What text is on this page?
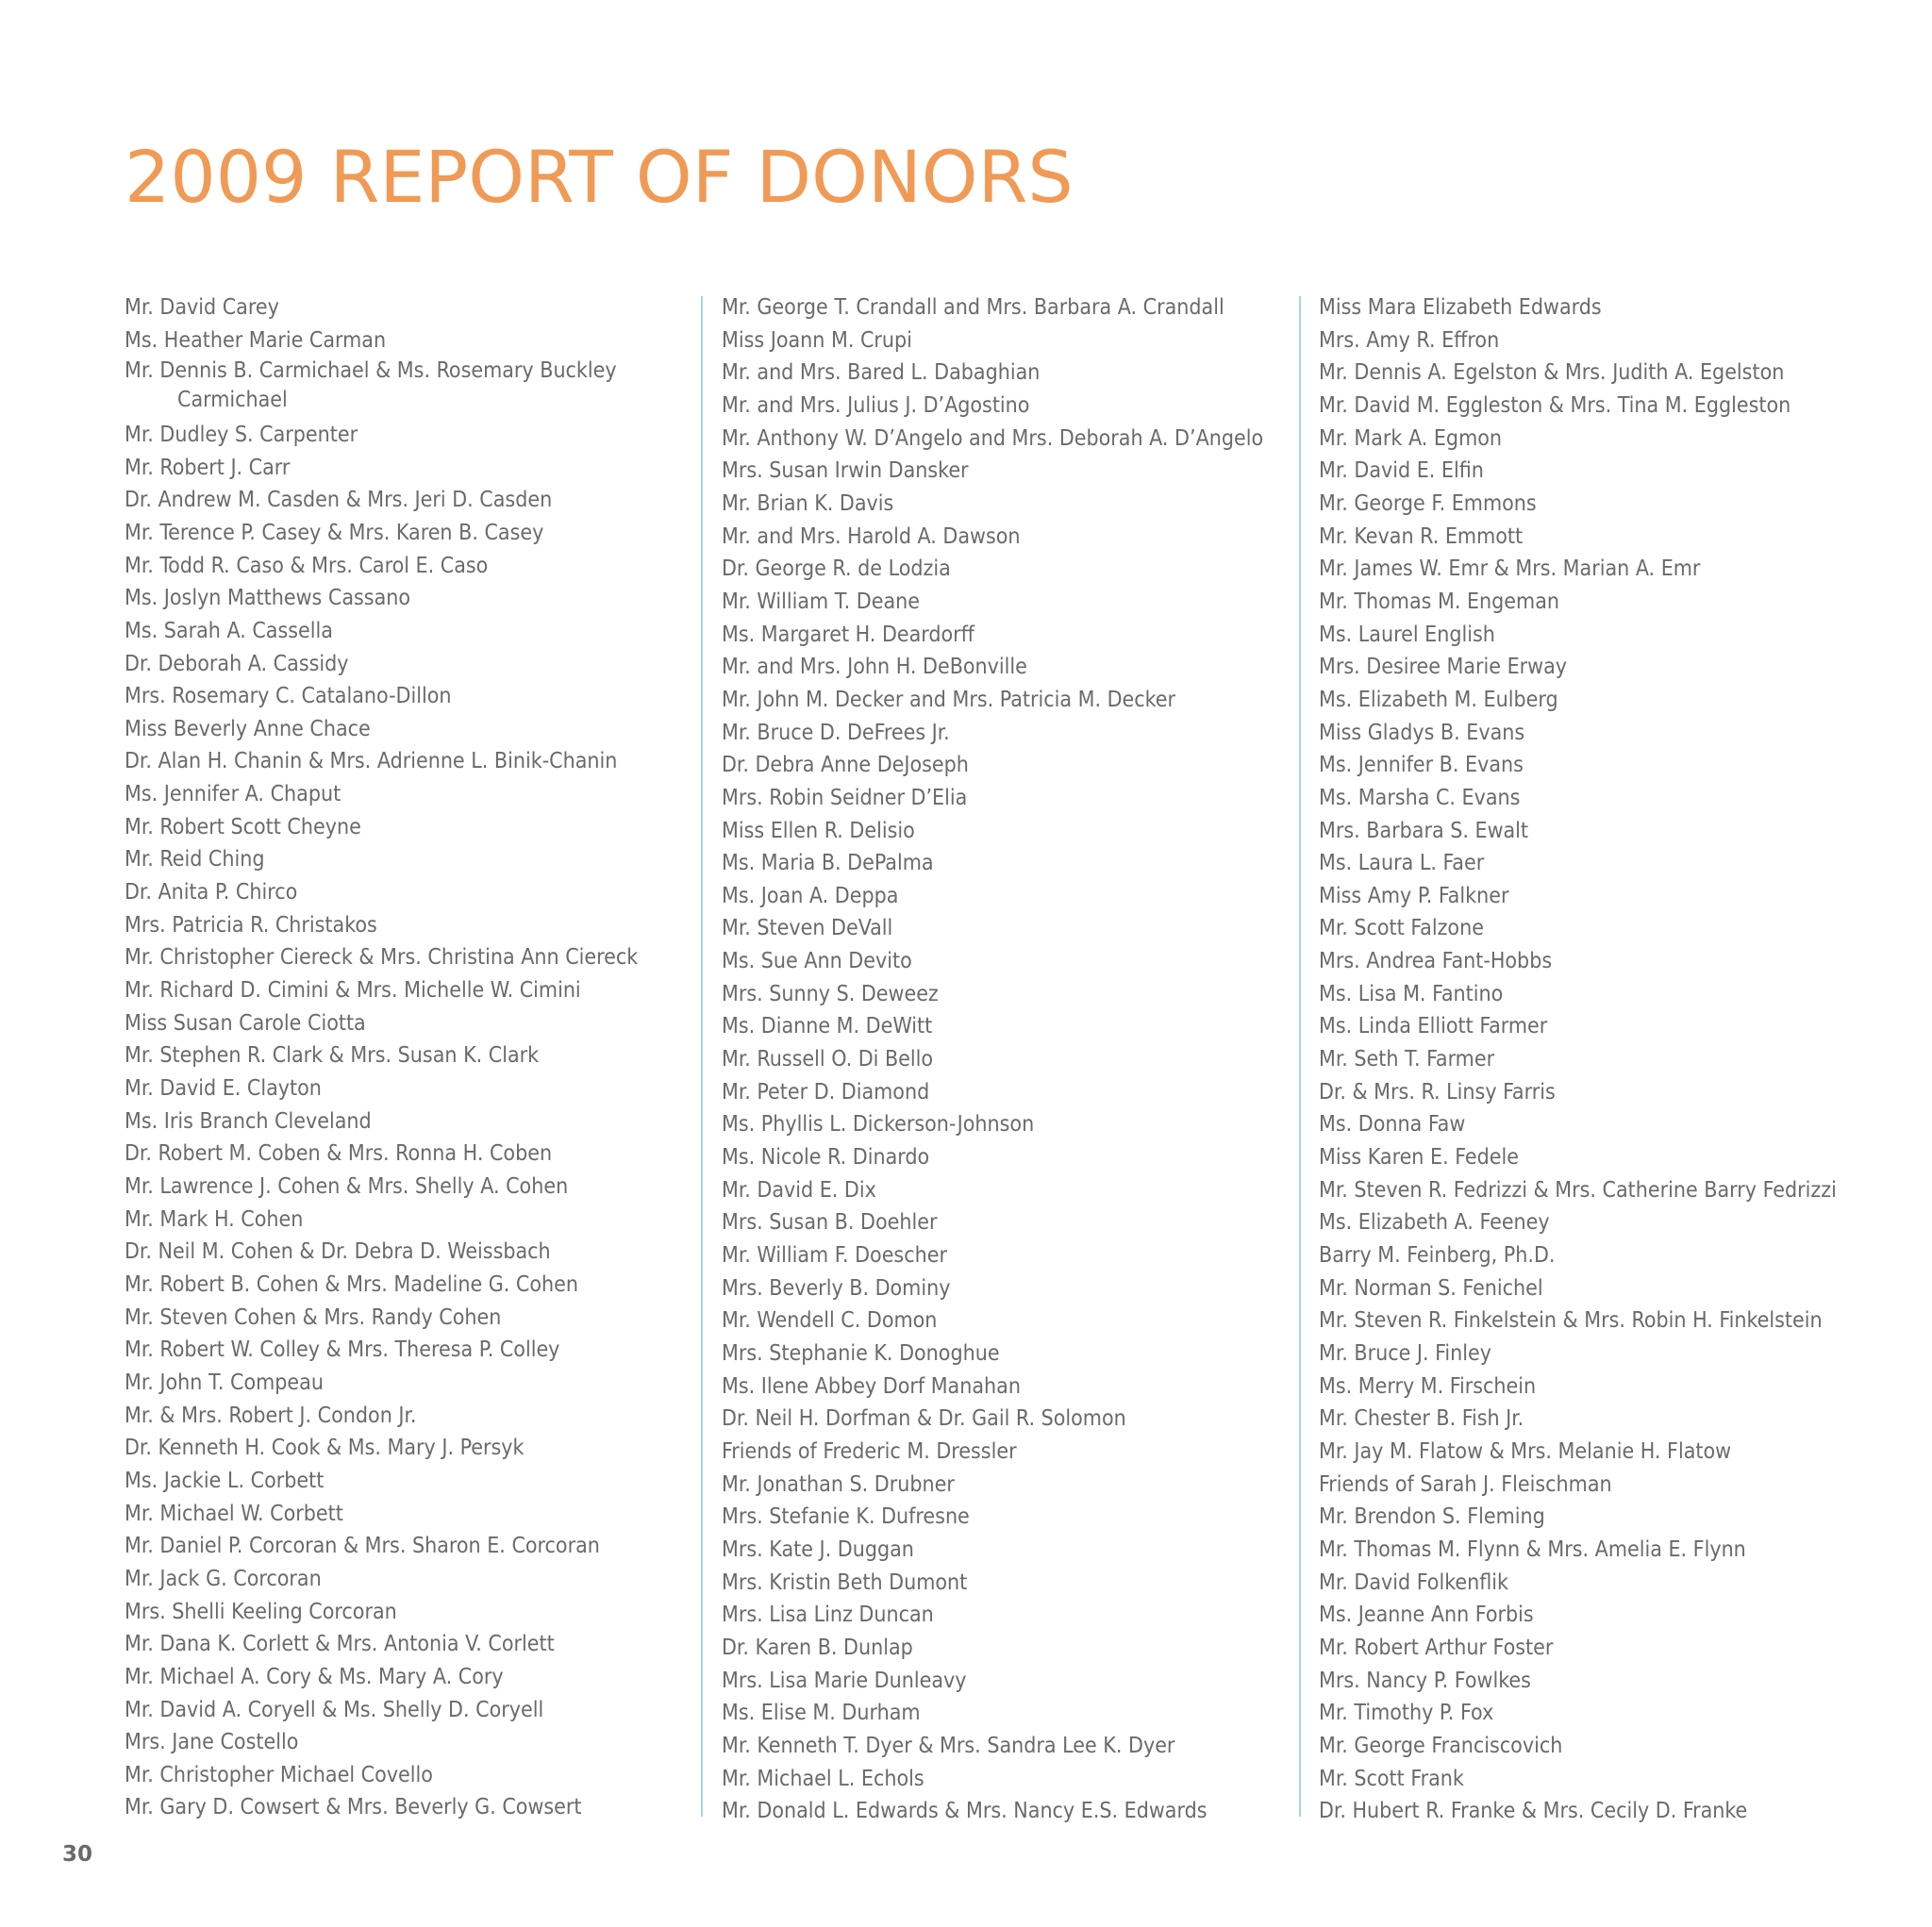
2009 REPORT OF DONORS
Mr. David Carey
Ms. Heather Marie Carman
Mr. Dennis B. Carmichael & Ms. Rosemary Buckley Carmichael
Mr. Dudley S. Carpenter
Mr. Robert J. Carr
Dr. Andrew M. Casden & Mrs. Jeri D. Casden
Mr. Terence P. Casey & Mrs. Karen B. Casey
Mr. Todd R. Caso & Mrs. Carol E. Caso
Ms. Joslyn Matthews Cassano
Ms. Sarah A. Cassella
Dr. Deborah A. Cassidy
Mrs. Rosemary C. Catalano-Dillon
Miss Beverly Anne Chace
Dr. Alan H. Chanin & Mrs. Adrienne L. Binik-Chanin
Ms. Jennifer A. Chaput
Mr. Robert Scott Cheyne
Mr. Reid Ching
Dr. Anita P. Chirco
Mrs. Patricia R. Christakos
Mr. Christopher Ciereck & Mrs. Christina Ann Ciereck
Mr. Richard D. Cimini & Mrs. Michelle W. Cimini
Miss Susan Carole Ciotta
Mr. Stephen R. Clark & Mrs. Susan K. Clark
Mr. David E. Clayton
Ms. Iris Branch Cleveland
Dr. Robert M. Coben & Mrs. Ronna H. Coben
Mr. Lawrence J. Cohen & Mrs. Shelly A. Cohen
Mr. Mark H. Cohen
Dr. Neil M. Cohen & Dr. Debra D. Weissbach
Mr. Robert B. Cohen & Mrs. Madeline G. Cohen
Mr. Steven Cohen & Mrs. Randy Cohen
Mr. Robert W. Colley & Mrs. Theresa P. Colley
Mr. John T. Compeau
Mr. & Mrs. Robert J. Condon Jr.
Dr. Kenneth H. Cook & Ms. Mary J. Persyk
Ms. Jackie L. Corbett
Mr. Michael W. Corbett
Mr. Daniel P. Corcoran & Mrs. Sharon E. Corcoran
Mr. Jack G. Corcoran
Mrs. Shelli Keeling Corcoran
Mr. Dana K. Corlett & Mrs. Antonia V. Corlett
Mr. Michael A. Cory & Ms. Mary A. Cory
Mr. David A. Coryell & Ms. Shelly D. Coryell
Mrs. Jane Costello
Mr. Christopher Michael Covello
Mr. Gary D. Cowsert & Mrs. Beverly G. Cowsert
Mr. George T. Crandall and Mrs. Barbara A. Crandall
Miss Joann M. Crupi
Mr. and Mrs. Bared L. Dabaghian
Mr. and Mrs. Julius J. D’Agostino
Mr. Anthony W. D’Angelo and Mrs. Deborah A. D’Angelo
Mrs. Susan Irwin Dansker
Mr. Brian K. Davis
Mr. and Mrs. Harold A. Dawson
Dr. George R. de Lodzia
Mr. William T. Deane
Ms. Margaret H. Deardorff
Mr. and Mrs. John H. DeBonville
Mr. John M. Decker and Mrs. Patricia M. Decker
Mr. Bruce D. DeFrees Jr.
Dr. Debra Anne DeJoseph
Mrs. Robin Seidner D’Elia
Miss Ellen R. Delisio
Ms. Maria B. DePalma
Ms. Joan A. Deppa
Mr. Steven DeVall
Ms. Sue Ann Devito
Mrs. Sunny S. Deweez
Ms. Dianne M. DeWitt
Mr. Russell O. Di Bello
Mr. Peter D. Diamond
Ms. Phyllis L. Dickerson-Johnson
Ms. Nicole R. Dinardo
Mr. David E. Dix
Mrs. Susan B. Doehler
Mr. William F. Doescher
Mrs. Beverly B. Dominy
Mr. Wendell C. Domon
Mrs. Stephanie K. Donoghue
Ms. Ilene Abbey Dorf Manahan
Dr. Neil H. Dorfman & Dr. Gail R. Solomon
Friends of Frederic M. Dressler
Mr. Jonathan S. Drubner
Mrs. Stefanie K. Dufresne
Mrs. Kate J. Duggan
Mrs. Kristin Beth Dumont
Mrs. Lisa Linz Duncan
Dr. Karen B. Dunlap
Mrs. Lisa Marie Dunleavy
Ms. Elise M. Durham
Mr. Kenneth T. Dyer & Mrs. Sandra Lee K. Dyer
Mr. Michael L. Echols
Mr. Donald L. Edwards & Mrs. Nancy E.S. Edwards
Miss Mara Elizabeth Edwards
Mrs. Amy R. Effron
Mr. Dennis A. Egelston & Mrs. Judith A. Egelston
Mr. David M. Eggleston & Mrs. Tina M. Eggleston
Mr. Mark A. Egmon
Mr. David E. Elfin
Mr. George F. Emmons
Mr. Kevan R. Emmott
Mr. James W. Emr & Mrs. Marian A. Emr
Mr. Thomas M. Engeman
Ms. Laurel English
Mrs. Desiree Marie Erway
Ms. Elizabeth M. Eulberg
Miss Gladys B. Evans
Ms. Jennifer B. Evans
Ms. Marsha C. Evans
Mrs. Barbara S. Ewalt
Ms. Laura L. Faer
Miss Amy P. Falkner
Mr. Scott Falzone
Mrs. Andrea Fant-Hobbs
Ms. Lisa M. Fantino
Ms. Linda Elliott Farmer
Mr. Seth T. Farmer
Dr. & Mrs. R. Linsy Farris
Ms. Donna Faw
Miss Karen E. Fedele
Mr. Steven R. Fedrizzi & Mrs. Catherine Barry Fedrizzi
Ms. Elizabeth A. Feeney
Barry M. Feinberg, Ph.D.
Mr. Norman S. Fenichel
Mr. Steven R. Finkelstein & Mrs. Robin H. Finkelstein
Mr. Bruce J. Finley
Ms. Merry M. Firschein
Mr. Chester B. Fish Jr.
Mr. Jay M. Flatow & Mrs. Melanie H. Flatow
Friends of Sarah J. Fleischman
Mr. Brendon S. Fleming
Mr. Thomas M. Flynn & Mrs. Amelia E. Flynn
Mr. David Folkenflik
Ms. Jeanne Ann Forbis
Mr. Robert Arthur Foster
Mrs. Nancy P. Fowlkes
Mr. Timothy P. Fox
Mr. George Franciscovich
Mr. Scott Frank
Dr. Hubert R. Franke & Mrs. Cecily D. Franke
30
